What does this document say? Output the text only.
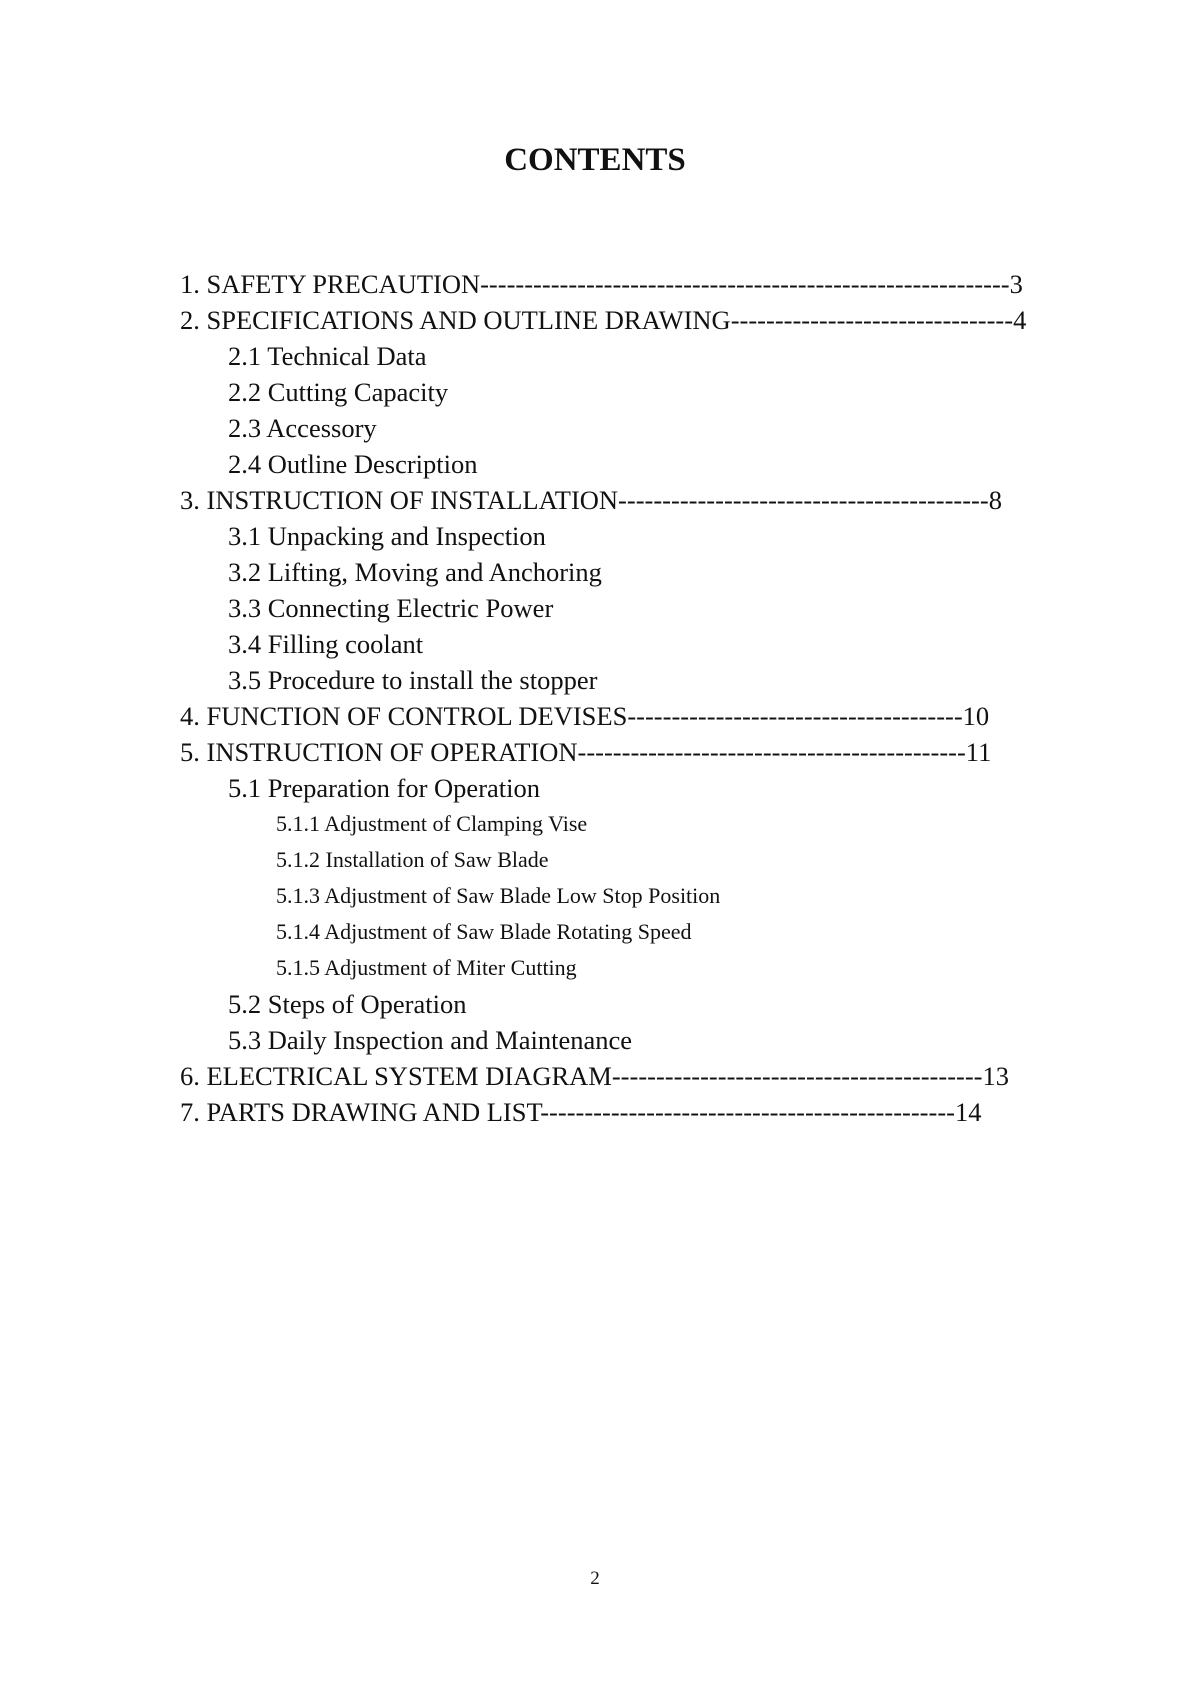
CONTENTS
1. SAFETY PRECAUTION------------------------------------------------------------3
2. SPECIFICATIONS AND OUTLINE DRAWING--------------------------------4
2.1 Technical Data
2.2 Cutting Capacity
2.3 Accessory
2.4 Outline Description
3. INSTRUCTION OF INSTALLATION------------------------------------------8
3.1 Unpacking and Inspection
3.2 Lifting, Moving and Anchoring
3.3 Connecting Electric Power
3.4 Filling coolant
3.5 Procedure to install the stopper
4. FUNCTION OF CONTROL DEVISES--------------------------------------10
5. INSTRUCTION OF OPERATION--------------------------------------------11
5.1 Preparation for Operation
5.1.1 Adjustment of Clamping Vise
5.1.2 Installation of Saw Blade
5.1.3 Adjustment of Saw Blade Low Stop Position
5.1.4 Adjustment of Saw Blade Rotating Speed
5.1.5 Adjustment of Miter Cutting
5.2 Steps of Operation
5.3 Daily Inspection and Maintenance
6. ELECTRICAL SYSTEM DIAGRAM------------------------------------------13
7. PARTS DRAWING AND LIST-----------------------------------------------14
2
